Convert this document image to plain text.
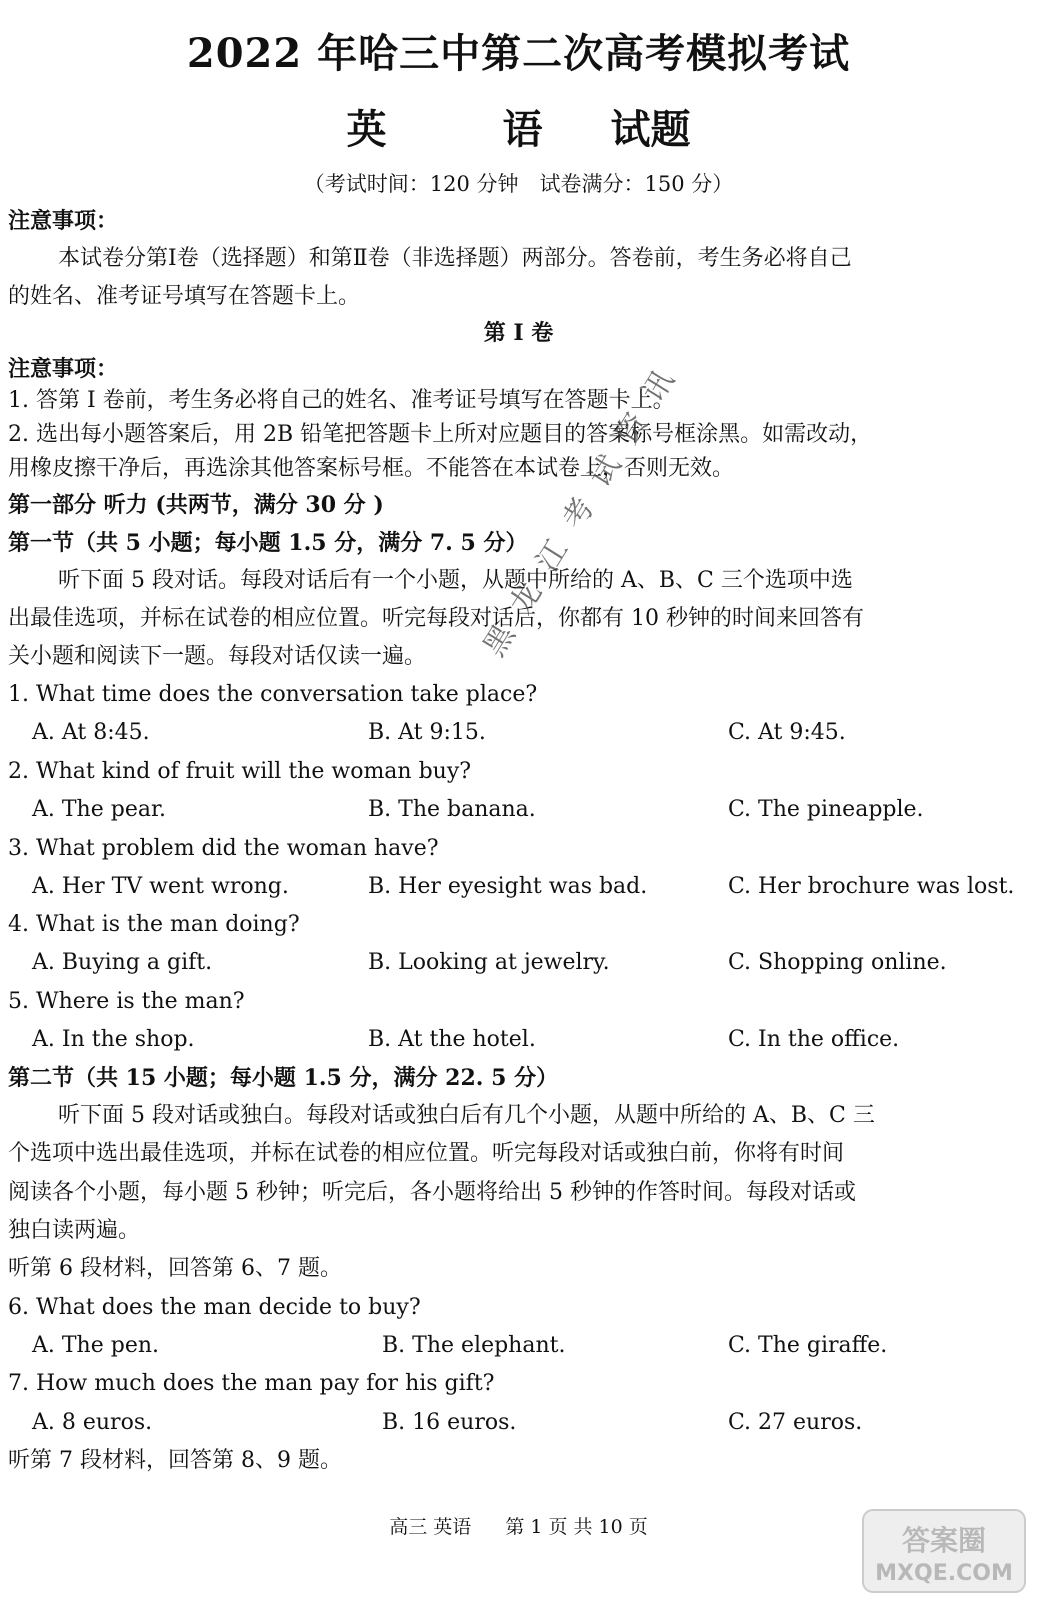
2022 年哈三中第二次高考模拟考试
英　语 试题
（考试时间：120 分钟　试卷满分：150 分）
注意事项：
本试卷分第Ⅰ卷（选择题）和第Ⅱ卷（非选择题）两部分。答卷前，考生务必将自己
的姓名、准考证号填写在答题卡上。
第 I 卷
注意事项：
1. 答第 I 卷前，考生务必将自己的姓名、准考证号填写在答题卡上。
2. 选出每小题答案后，用 2B 铅笔把答题卡上所对应题目的答案标号框涂黑。如需改动，
用橡皮擦干净后，再选涂其他答案标号框。不能答在本试卷上，否则无效。
第一部分 听力 (共两节，满分 30 分 )
第一节（共 5 小题；每小题 1.5 分，满分 7. 5 分）
听下面 5 段对话。每段对话后有一个小题，从题中所给的 A、B、C 三个选项中选
出最佳选项，并标在试卷的相应位置。听完每段对话后，你都有 10 秒钟的时间来回答有
关小题和阅读下一题。每段对话仅读一遍。
1. What time does the conversation take place?
A. At 8:45.	B. At 9:15.	C. At 9:45.
2. What kind of fruit will the woman buy?
A. The pear.	B. The banana.	C. The pineapple.
3. What problem did the woman have?
A. Her TV went wrong.	B. Her eyesight was bad.	C. Her brochure was lost.
4. What is the man doing?
A. Buying a gift.	B. Looking at jewelry.	C. Shopping online.
5. Where is the man?
A. In the shop.	B. At the hotel.	C. In the office.
第二节（共 15 小题；每小题 1.5 分，满分 22. 5 分）
听下面 5 段对话或独白。每段对话或独白后有几个小题，从题中所给的 A、B、C 三
个选项中选出最佳选项，并标在试卷的相应位置。听完每段对话或独白前，你将有时间
阅读各个小题，每小题 5 秒钟；听完后，各小题将给出 5 秒钟的作答时间。每段对话或
独白读两遍。
听第 6 段材料，回答第 6、7 题。
6. What does the man decide to buy?
A. The pen.	B. The elephant.	C. The giraffe.
7. How much does the man pay for his gift?
A. 8 euros.	B. 16 euros.	C. 27 euros.
听第 7 段材料，回答第 8、9 题。
高三 英语 第 1 页 共 10 页
黑龙江考试资讯
答案圈
MXQE.COM
